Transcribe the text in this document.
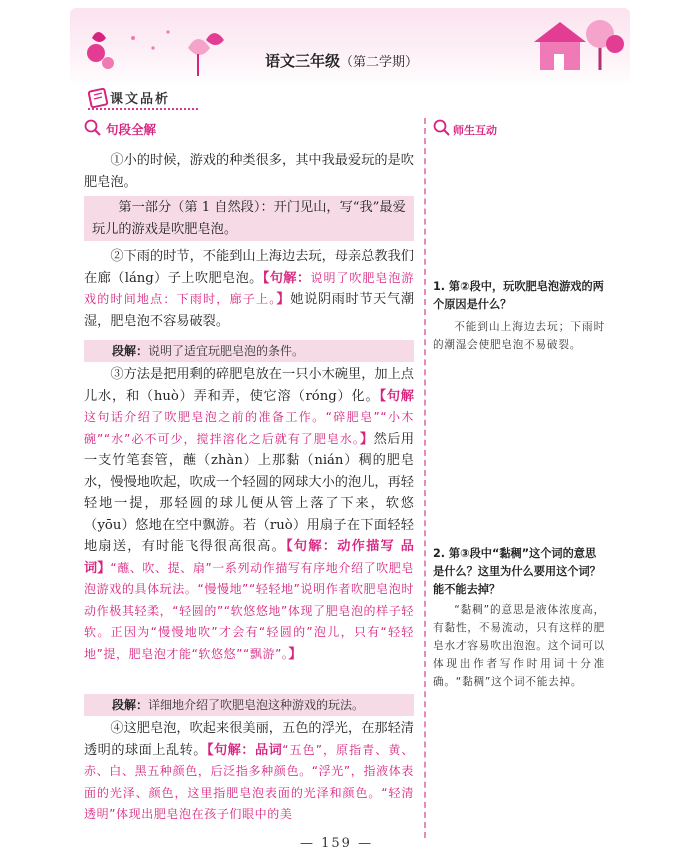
语文三年级（第二学期）
课文品析
句段全解

①小的时候，游戏的种类很多，其中我最爱玩的是吹肥皂泡。

第一部分（第 1 自然段）：开门见山，写“我”最爱玩儿的游戏是吹肥皂泡。

②下雨的时节，不能到山上海边去玩，母亲总教我们在廊（láng）子上吹肥皂泡。【句解：说明了吹肥皂泡游戏的时间地点：下雨时，廊子上。】她说阴雨时节天气潮湿，肥皂泡不容易破裂。

段解：说明了适宜玩肥皂泡的条件。

③方法是把用剩的碎肥皂放在一只小木碗里，加上点儿水，和（huò）弄和弄，使它溶（róng）化。【句解 这句话介绍了吹肥皂泡之前的准备工作。“碎肥皂”“小木碗”“水”必不可少，搅拌溶化之后就有了肥皂水。】然后用一支竹笔套管，蘸（zhàn）上那黏（nián）稠的肥皂水，慢慢地吹起，吹成一个轻圆的网球大小的泡儿，再轻轻地一提，那轻圆的球儿便从管上落了下来，软悠（yōu）悠地在空中飘游。若（ruò）用扇子在下面轻轻地扇送，有时能飞得很高很高。【句解：动作描写 品词】“蘸、吹、提、扇”一系列动作描写有序地介绍了吹肥皂泡游戏的具体玩法。“慢慢地”“轻轻地”说明作者吹肥皂泡时动作极其轻柔，“轻圆的”“软悠悠地”体现了肥皂泡的样子轻软。正因为“慢慢地吹”才会有“轻圆的”泡儿，只有“轻轻地”提，肥皂泡才能“软悠悠”“飘游”。】

段解：详细地介绍了吹肥皂泡这种游戏的玩法。

④这肥皂泡，吹起来很美丽，五色的浮光，在那轻清透明的球面上乱转。【句解：品词“五色”，原指青、黄、赤、白、黑五种颜色，后泛指多种颜色。“浮光”，指液体表面的光泽、颜色，这里指肥皂泡表面的光泽和颜色。“轻清透明”体现出肥皂泡在孩子们眼中的美

师生互动

1. 第②段中，玩吹肥皂泡游戏的两个原因是什么？

不能到山上海边去玩；下雨时的潮湿会使肥皂泡不易破裂。

2. 第③段中“黏稠”这个词的意思是什么？这里为什么要用这个词？能不能去掉？

“黏稠”的意思是液体浓度高，有黏性，不易流动，只有这样的肥皂水才容易吹出泡泡。这个词可以体现出作者写作时用词十分准确。“黏稠”这个词不能去掉。

— 159 —
